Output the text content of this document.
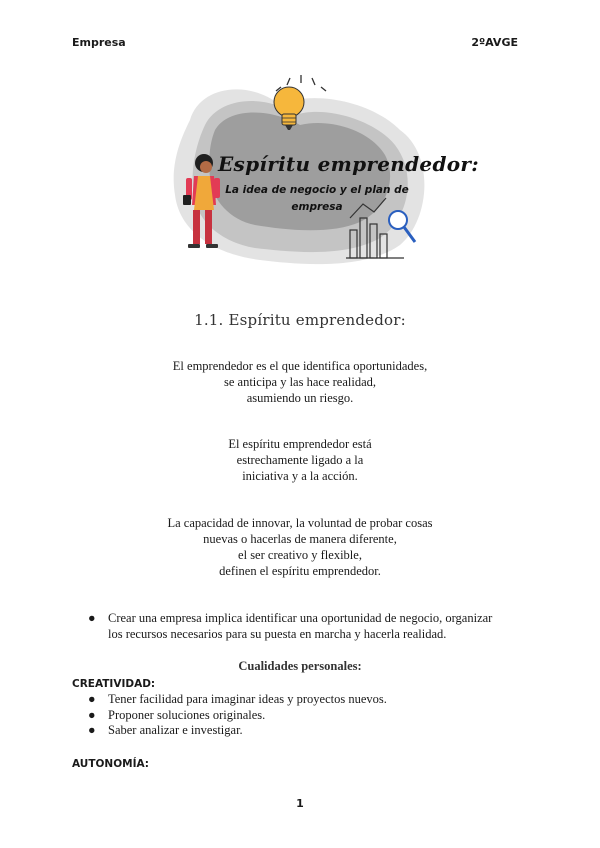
Empresa	2ºAVGE
Espíritu emprendedor:
La idea de negocio y el plan de
empresa
1.1. Espíritu emprendedor:
El emprendedor es el que identifica oportunidades,
se anticipa y las hace realidad,
asumiendo un riesgo.
El espíritu emprendedor está
estrechamente ligado a la
iniciativa y a la acción.
La capacidad de innovar, la voluntad de probar cosas
nuevas o hacerlas de manera diferente,
el ser creativo y flexible,
definen el espíritu emprendedor.
● Crear una empresa implica identificar una oportunidad de negocio, organizar
los recursos necesarios para su puesta en marcha y hacerla realidad.
Cualidades personales:
CREATIVIDAD:
● Tener facilidad para imaginar ideas y proyectos nuevos.
● Proponer soluciones originales.
● Saber analizar e investigar.
AUTONOMÍA:
1
